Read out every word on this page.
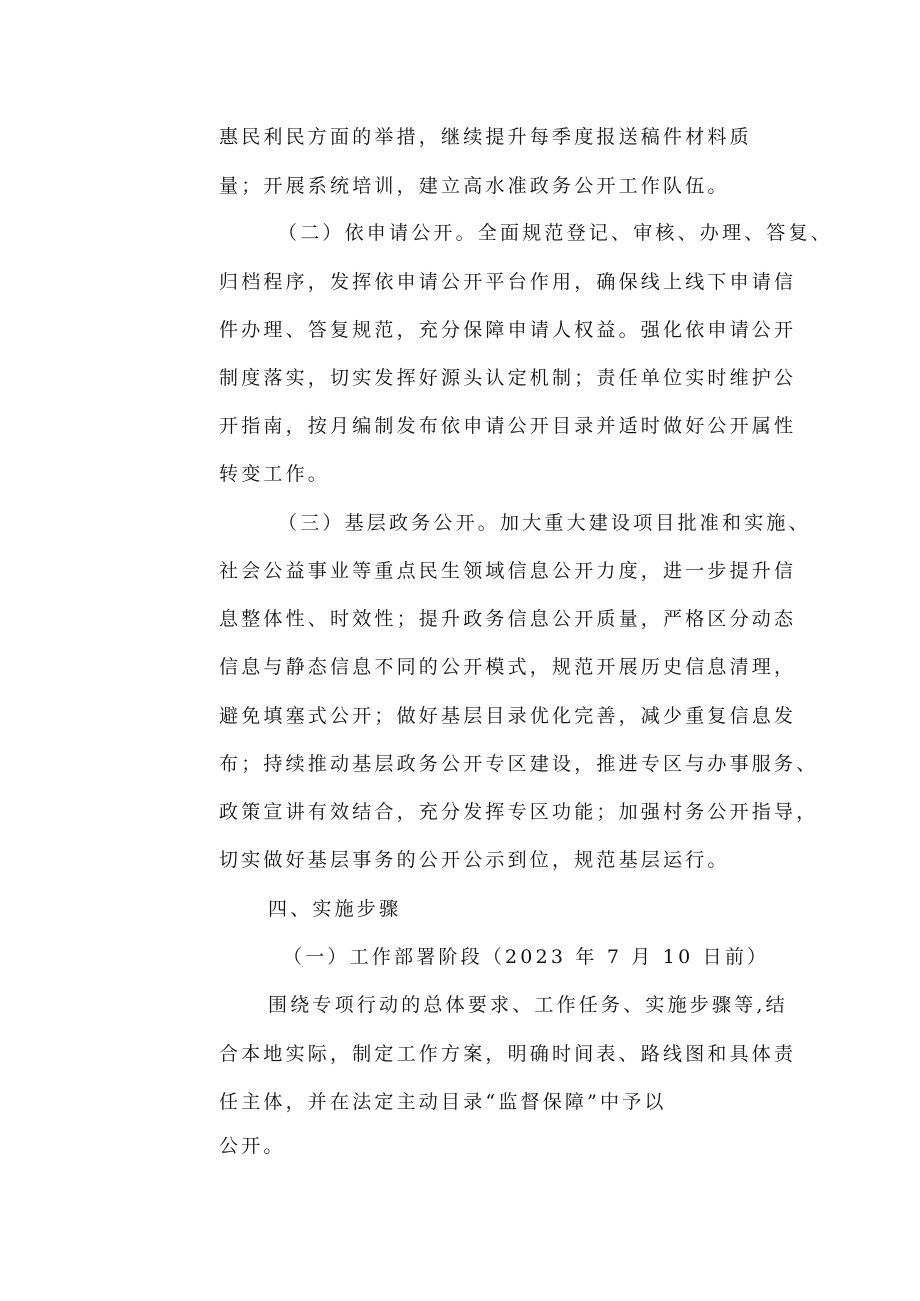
惠民利民方面的举措，继续提升每季度报送稿件材料质
量；开展系统培训，建立高水准政务公开工作队伍。
（二）依申请公开。全面规范登记、审核、办理、答复、
归档程序，发挥依申请公开平台作用，确保线上线下申请信
件办理、答复规范，充分保障申请人权益。强化依申请公开
制度落实，切实发挥好源头认定机制；责任单位实时维护公
开指南，按月编制发布依申请公开目录并适时做好公开属性
转变工作。
（三）基层政务公开。加大重大建设项目批准和实施、
社会公益事业等重点民生领域信息公开力度，进一步提升信
息整体性、时效性；提升政务信息公开质量，严格区分动态
信息与静态信息不同的公开模式，规范开展历史信息清理，
避免填塞式公开；做好基层目录优化完善，减少重复信息发
布；持续推动基层政务公开专区建设，推进专区与办事服务、
政策宣讲有效结合，充分发挥专区功能；加强村务公开指导，
切实做好基层事务的公开公示到位，规范基层运行。
四、实施步骤
（一）工作部署阶段（2023 年 7 月 10 日前）
围绕专项行动的总体要求、工作任务、实施步骤等,结
合本地实际，制定工作方案，明确时间表、路线图和具体责
任主体，并在法定主动目录“监督保障”中予以
公开。
